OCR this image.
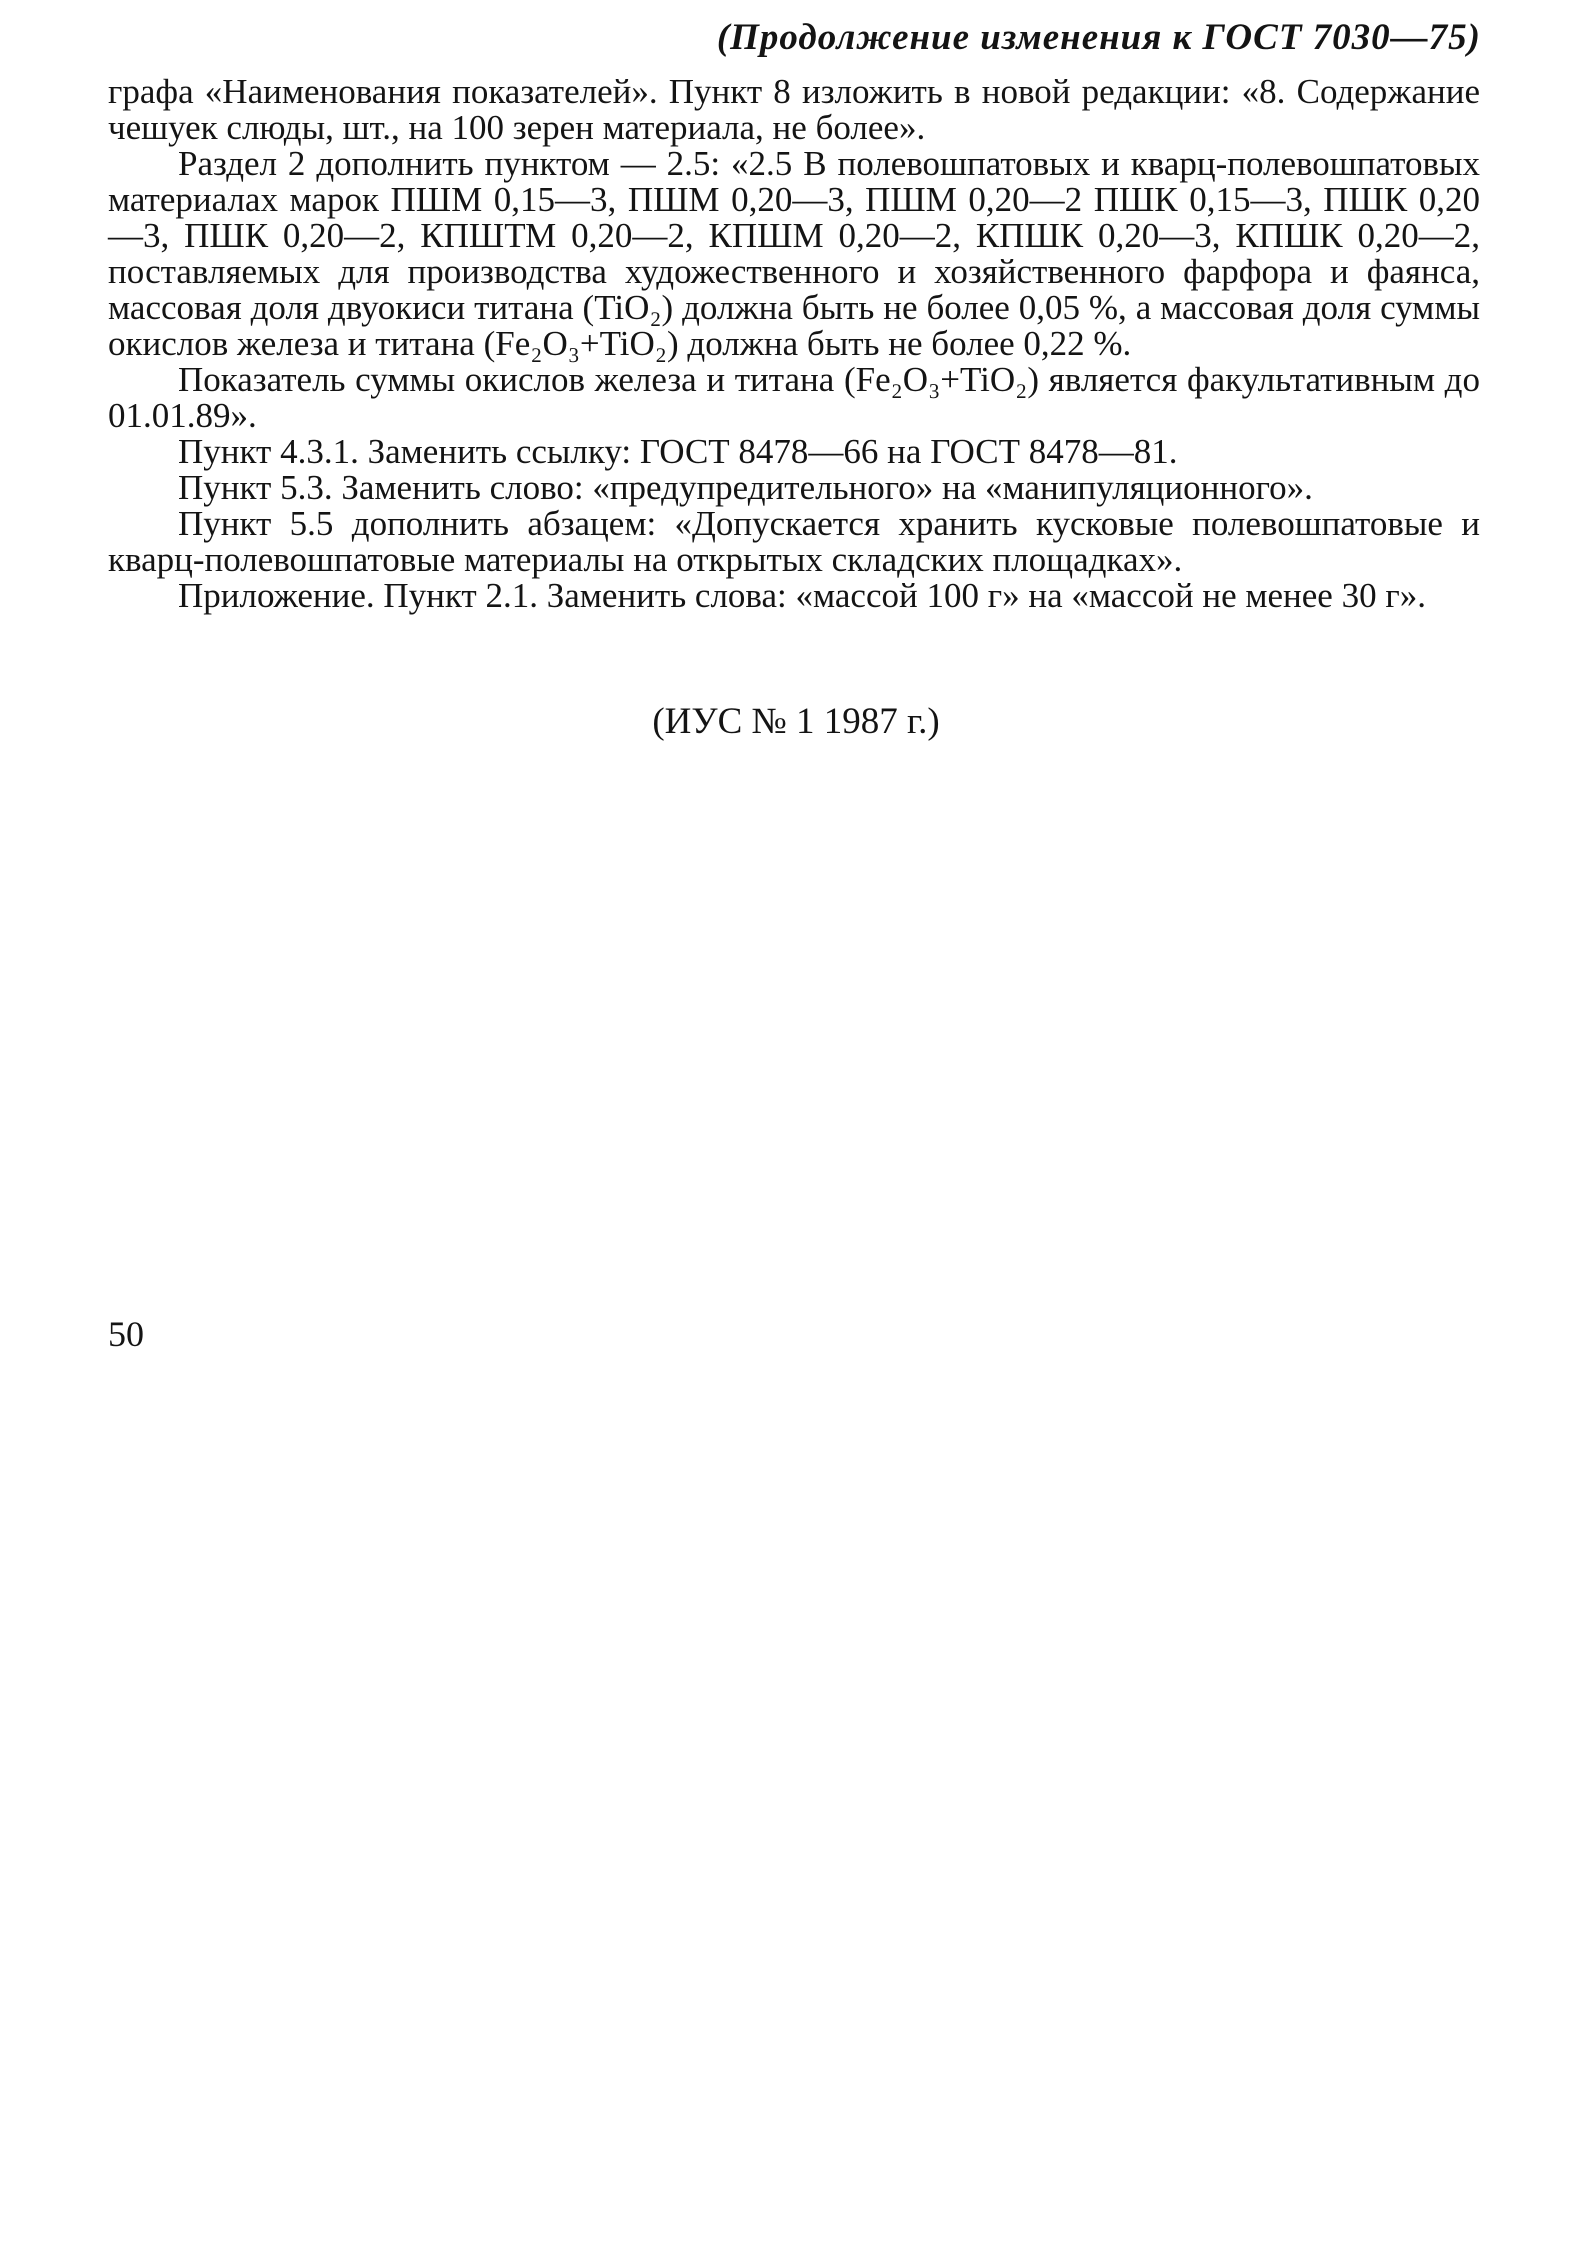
(Продолжение изменения к ГОСТ 7030—75)

графа «Наименования показателей». Пункт 8 изложить в новой редакции: «8. Содержание чешуек слюды, шт., на 100 зерен материала, не более».

Раздел 2 дополнить пунктом — 2.5: «2.5 В полевошпатовых и кварц-полевошпатовых материалах марок ПШМ 0,15—3, ПШМ 0,20—3, ПШМ 0,20—2 ПШК 0,15—3, ПШК 0,20—3, ПШК 0,20—2, КПШТМ 0,20—2, КПШМ 0,20—2, КПШК 0,20—3, КПШК 0,20—2, поставляемых для производства художественного и хозяйственного фарфора и фаянса, массовая доля двуокиси титана (TiO₂) должна быть не более 0,05 %, а массовая доля суммы окислов железа и титана (Fe₂O₃+TiO₂) должна быть не более 0,22 %.

Показатель суммы окислов железа и титана (Fe₂O₃+TiO₂) является факультативным до 01.01.89».

Пункт 4.3.1. Заменить ссылку: ГОСТ 8478—66 на ГОСТ 8478—81.

Пункт 5.3. Заменить слово: «предупредительного» на «манипуляционного».

Пункт 5.5 дополнить абзацем: «Допускается хранить кусковые полевошпатовые и кварц-полевошпатовые материалы на открытых складских площадках».

Приложение. Пункт 2.1. Заменить слова: «массой 100 г» на «массой не менее 30 г».

(ИУС № 1 1987 г.)
50
